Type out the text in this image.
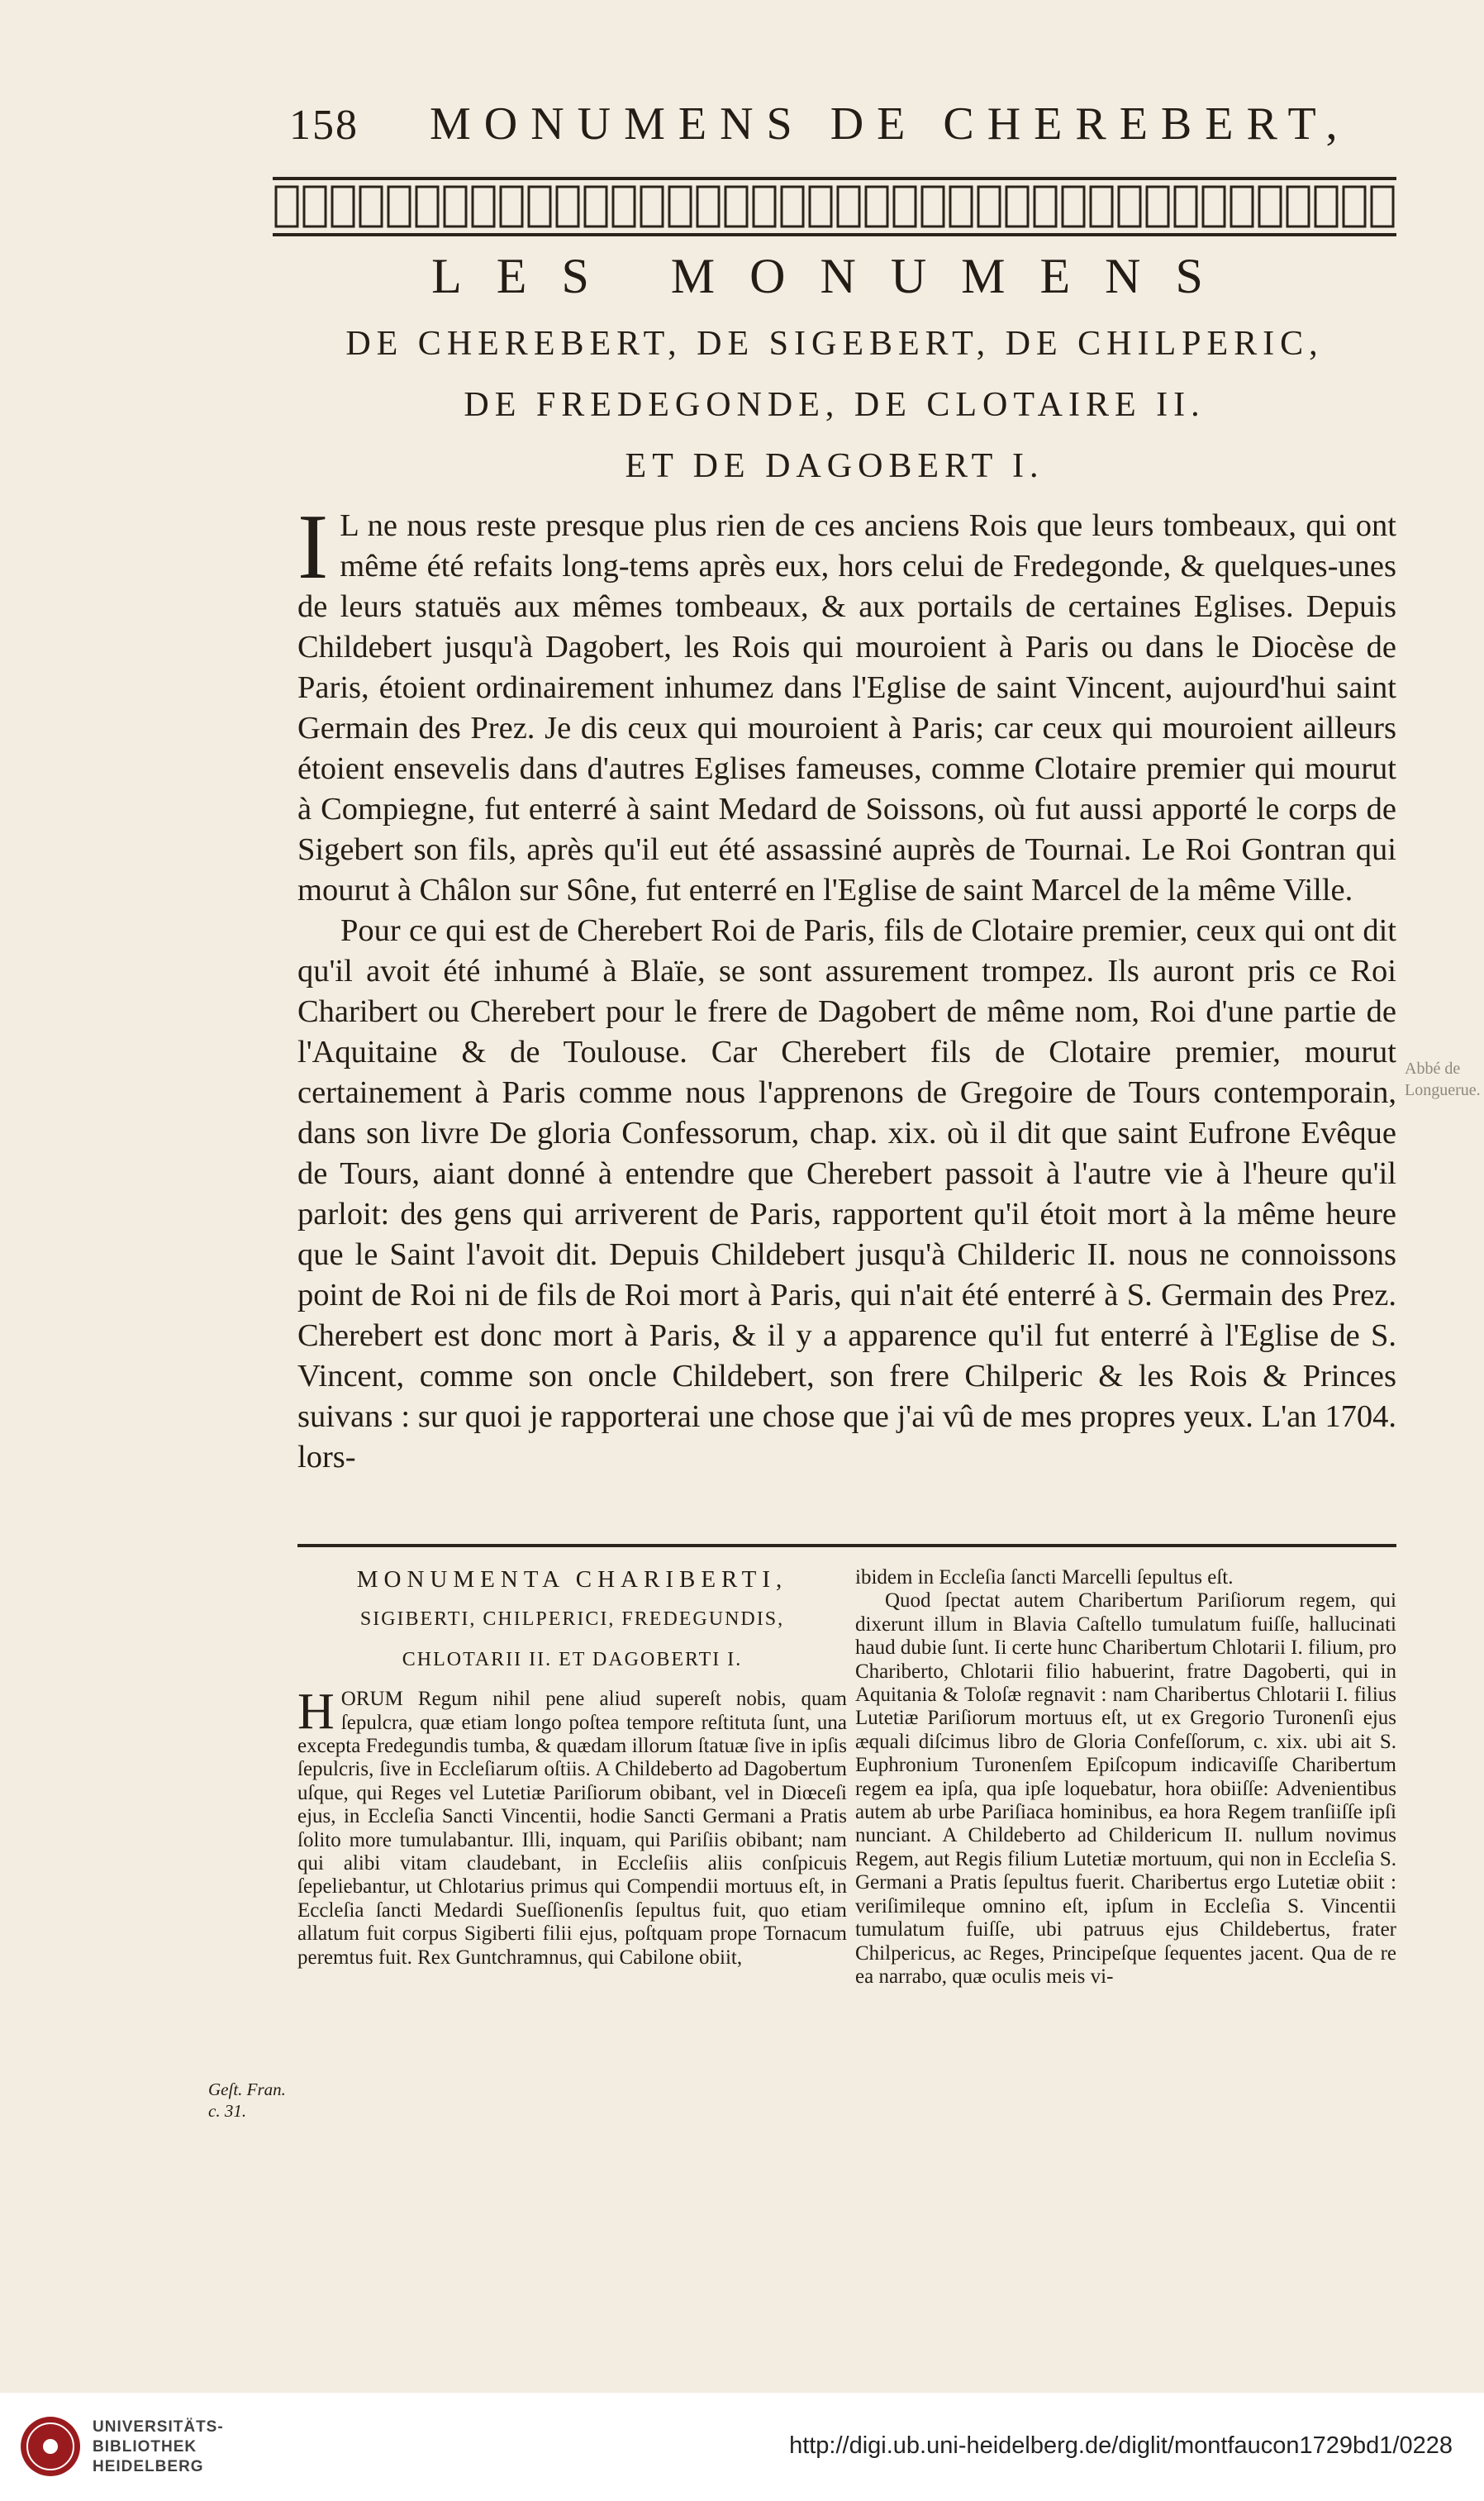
158 MONUMENS DE CHEREBERT,
LES MONUMENS
DE CHEREBERT, DE SIGEBERT, DE CHILPERIC,
DE FREDEGONDE, DE CLOTAIRE II.
ET DE DAGOBERT I.

I L ne nous reste presque plus rien de ces anciens Rois que leurs tombeaux, qui ont même été refaits long-tems après eux, hors celui de Fredegonde, & quelques-unes de leurs statuës aux mêmes tombeaux, & aux portails de certaines Eglises. Depuis Childebert jusqu'à Dagobert, les Rois qui mouroient à Paris ou dans le Diocèse de Paris, étoient ordinairement inhumez dans l'Eglise de saint Vincent, aujourd'hui saint Germain des Prez. Je dis ceux qui mouroient à Paris; car ceux qui mouroient ailleurs étoient ensevelis dans d'autres Eglises fameuses, comme Clotaire premier qui mourut à Compiegne, fut enterré à saint Medard de Soissons, où fut aussi apporté le corps de Sigebert son fils, après qu'il eut été assassiné auprès de Tournai. Le Roi Gontran qui mourut à Châlon sur Sône, fut enterré en l'Eglise de saint Marcel de la même Ville.

Pour ce qui est de Cherebert Roi de Paris, fils de Clotaire premier, ceux qui ont dit qu'il avoit été inhumé à Blaïe, se sont assurement trompez. Ils auront pris ce Roi Charibert ou Cherebert pour le frere de Dagobert de même nom, Roi d'une partie de l'Aquitaine & de Toulouse. Car Cherebert fils de Clotaire premier, mourut certainement à Paris comme nous l'apprenons de Gregoire de Tours contemporain, dans son livre De gloria Confessorum, chap. xix. où il dit que saint Eufrone Evêque de Tours, aiant donné à entendre que Cherebert passoit à l'autre vie à l'heure qu'il parloit: des gens qui arriverent de Paris, rapportent qu'il étoit mort à la même heure que le Saint l'avoit dit. Depuis Childebert jusqu'à Childeric II. nous ne connoissons point de Roi ni de fils de Roi mort à Paris, qui n'ait été enterré à S. Germain des Prez. Cherebert est donc mort à Paris, & il y a apparence qu'il fut enterré à l'Eglise de S. Vincent, comme son oncle Childebert, son frere Chilperic & les Rois & Princes suivans : sur quoi je rapporterai une chose que j'ai vû de mes propres yeux. L'an 1704. lors-

Abbé de Longuerue.
MONUMENTA CHARIBERTI,
SIGIBERTI, CHILPERICI, FREDEGUNDIS,
CHLOTARII II. ET DAGOBERTI I.

HORUM Regum nihil pene aliud supereſt nobis, quam ſepulcra, quæ etiam longo poſtea tempore reſtituta ſunt, una excepta Fredegundis tumba, & quædam illorum ſtatuæ ſive in ipſis ſepulcris, ſive in Eccleſiarum oſtiis. A Childeberto ad Dagobertum uſque, qui Reges vel Lutetiæ Pariſiorum obibant, vel in Diœceſi ejus, in Eccleſia Sancti Vincentii, hodie Sancti Germani a Pratis ſolito more tumulabantur. Illi, inquam, qui Pariſiis obibant; nam qui alibi vitam claudebant, in Eccleſiis aliis conſpicuis ſepeliebantur, ut Chlotarius primus qui Compendii mortuus eſt, in Eccleſia ſancti Medardi Sueſſionenſis ſepultus fuit, quo etiam allatum fuit corpus Sigiberti filii ejus, poſtquam prope Tornacum peremtus fuit. Rex Guntchramnus, qui Cabilone obiit,

ibidem in Eccleſia ſancti Marcelli ſepultus eſt.

Quod ſpectat autem Charibertum Pariſiorum regem, qui dixerunt illum in Blavia Caſtello tumulatum fuiſſe, hallucinati haud dubie ſunt. Ii certe hunc Charibertum Chlotarii I. filium, pro Chariberto, Chlotarii filio habuerint, fratre Dagoberti, qui in Aquitania & Toloſæ regnavit : nam Charibertus Chlotarii I. filius Lutetiæ Pariſiorum mortuus eſt, ut ex Gregorio Turonenſi ejus æquali diſcimus libro de Gloria Confeſſorum, c. xix. ubi ait S. Euphronium Turonenſem Epiſcopum indicaviſſe Charibertum regem ea ipſa, qua ipſe loquebatur, hora obiiſſe: Advenientibus autem ab urbe Pariſiaca hominibus, ea hora Regem tranſiiſſe ipſi nunciant. A Childeberto ad Childericum II. nullum novimus Regem, aut Regis filium Lutetiæ mortuum, qui non in Eccleſia S. Germani a Pratis ſepultus fuerit. Charibertus ergo Lutetiæ obiit : veriſimileque omnino eſt, ipſum in Eccleſia S. Vincentii tumulatum fuiſſe, ubi patruus ejus Childebertus, frater Chilpericus, ac Reges, Principeſque ſequentes jacent. Qua de re ea narrabo, quæ oculis meis vi-

Geſt. Fran. c. 31.
UNIVERSITÄTS-
BIBLIOTHEK
HEIDELBERG
http://digi.ub.uni-heidelberg.de/diglit/montfaucon1729bd1/0228
